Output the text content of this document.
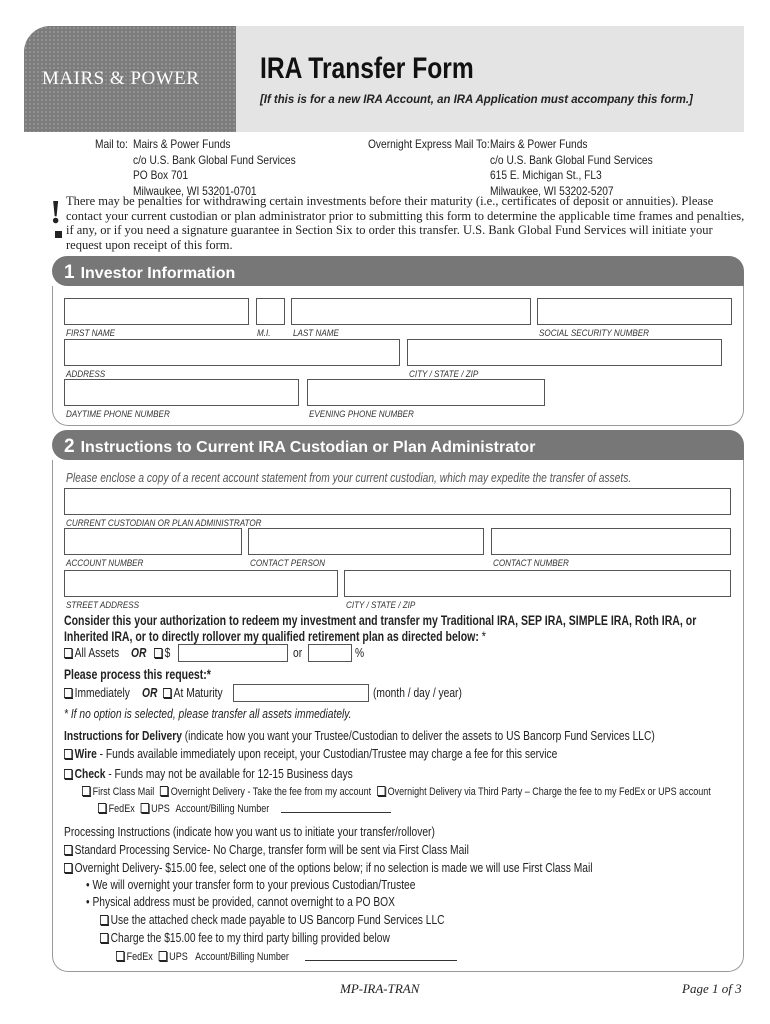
MAIRS & POWER	IRA Transfer Form
[If this is for a new IRA Account, an IRA Application must accompany this form.]
Mail to: Mairs & Power Funds
c/o U.S. Bank Global Fund Services
PO Box 701
Milwaukee, WI 53201-0701
Overnight Express Mail To: Mairs & Power Funds
c/o U.S. Bank Global Fund Services
615 E. Michigan St., FL3
Milwaukee, WI 53202-5207
! There may be penalties for withdrawing certain investments before their maturity (i.e., certificates of deposit or annuities). Please contact your current custodian or plan administrator prior to submitting this form to determine the applicable time frames and penalties, if any, or if you need a signature guarantee in Section Six to order this transfer. U.S. Bank Global Fund Services will initiate your request upon receipt of this form.
1 Investor Information
FIRST NAME	M.I.	LAST NAME	SOCIAL SECURITY NUMBER
ADDRESS	CITY / STATE / ZIP
DAYTIME PHONE NUMBER	EVENING PHONE NUMBER
2 Instructions to Current IRA Custodian or Plan Administrator
Please enclose a copy of a recent account statement from your current custodian, which may expedite the transfer of assets.
CURRENT CUSTODIAN OR PLAN ADMINISTRATOR
ACCOUNT NUMBER	CONTACT PERSON	CONTACT NUMBER
STREET ADDRESS	CITY / STATE / ZIP
Consider this your authorization to redeem my investment and transfer my Traditional IRA, SEP IRA, SIMPLE IRA, Roth IRA, or
Inherited IRA, or to directly rollover my qualified retirement plan as directed below: *
All Assets OR	$	or	%
Please process this request:*
Immediately OR	At Maturity	(month / day / year)
* If no option is selected, please transfer all assets immediately.
Instructions for Delivery (indicate how you want your Trustee/Custodian to deliver the assets to US Bancorp Fund Services LLC)
Wire - Funds available immediately upon receipt, your Custodian/Trustee may charge a fee for this service
Check - Funds may not be available for 12-15 Business days
First Class Mail Overnight Delivery - Take the fee from my account Overnight Delivery via Third Party – Charge the fee to my FedEx or UPS account
FedEx UPS Account/Billing Number
Processing Instructions (indicate how you want us to initiate your transfer/rollover)
Standard Processing Service- No Charge, transfer form will be sent via First Class Mail
Overnight Delivery- $15.00 fee, select one of the options below; if no selection is made we will use First Class Mail
• We will overnight your transfer form to your previous Custodian/Trustee
• Physical address must be provided, cannot overnight to a PO BOX
Use the attached check made payable to US Bancorp Fund Services LLC
Charge the $15.00 fee to my third party billing provided below
FedEx UPS Account/Billing Number
MP-IRA-TRAN	Page 1 of 3
